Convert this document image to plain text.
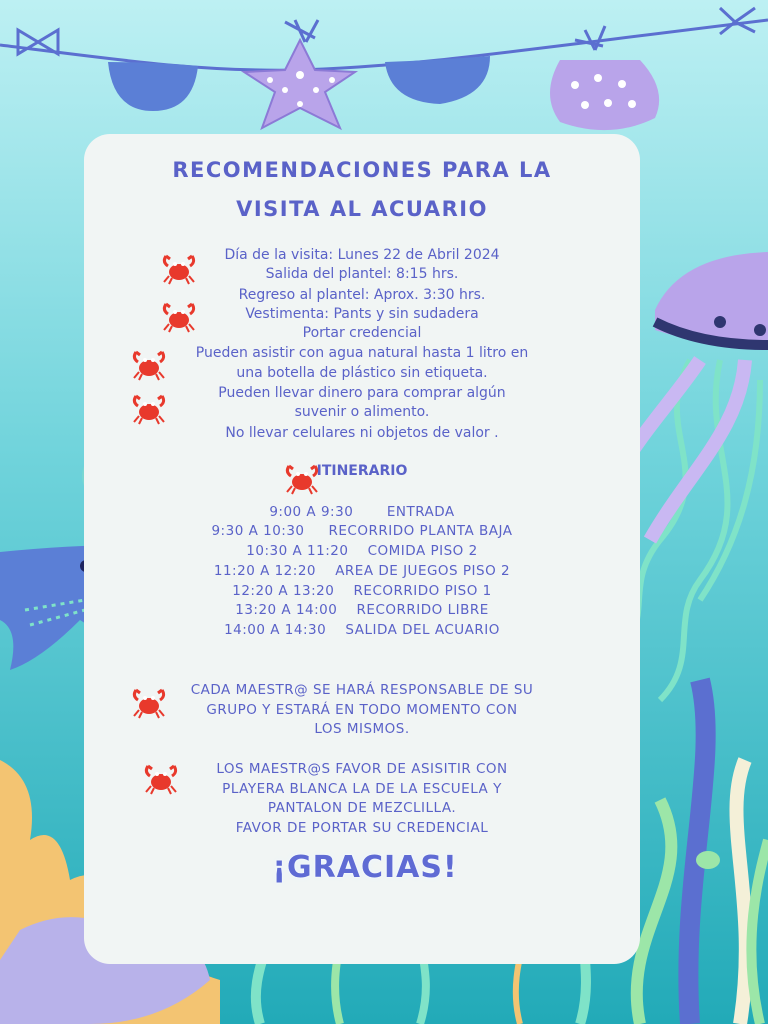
RECOMENDACIONES PARA LA
VISITA AL ACUARIO
Día de la visita: Lunes 22 de Abril 2024
Salida del plantel: 8:15 hrs.
Regreso al plantel: Aprox. 3:30 hrs.
Vestimenta: Pants y sin sudadera
Portar credencial
Pueden asistir con agua natural hasta 1 litro en
una botella de plástico sin etiqueta.
Pueden llevar dinero para comprar algún
suvenir o alimento.
No llevar celulares ni objetos de valor .
ITINERARIO
9:00 A 9:30 ENTRADA
9:30 A 10:30 RECORRIDO PLANTA BAJA
10:30 A 11:20 COMIDA PISO 2
11:20 A 12:20 AREA DE JUEGOS PISO 2
12:20 A 13:20 RECORRIDO PISO 1
13:20 A 14:00 RECORRIDO LIBRE
14:00 A 14:30 SALIDA DEL ACUARIO
CADA MAESTR@ SE HARÁ RESPONSABLE DE SU
GRUPO Y ESTARÁ EN TODO MOMENTO CON
LOS MISMOS.
LOS MAESTR@S FAVOR DE ASISITIR CON
PLAYERA BLANCA LA DE LA ESCUELA Y
PANTALON DE MEZCLILLA.
FAVOR DE PORTAR SU CREDENCIAL
¡GRACIAS!
